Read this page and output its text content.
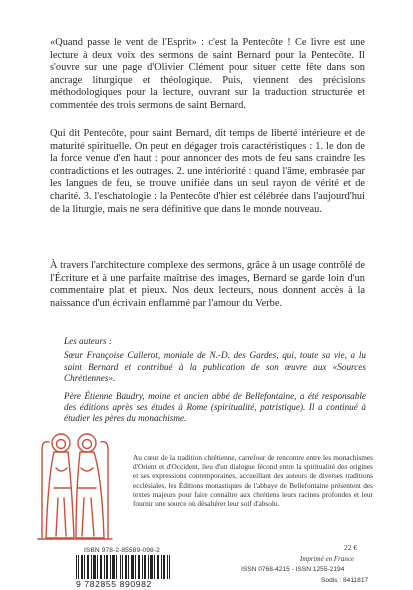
«Quand passe le vent de l'Esprit» : c'est la Pentecôte ! Ce livre est une lecture à deux voix des sermons de saint Bernard pour la Pentecôte. Il s'ouvre sur une page d'Olivier Clément pour situer cette fête dans son ancrage liturgique et théologique. Puis, viennent des précisions méthodologiques pour la lecture, ouvrant sur la traduction structurée et commentée des trois sermons de saint Bernard.

Qui dit Pentecôte, pour saint Bernard, dit temps de liberté intérieure et de maturité spirituelle. On peut en dégager trois caractéristiques : 1. le don de la force venue d'en haut : pour annoncer des mots de feu sans craindre les contradictions et les outrages. 2. une intériorité : quand l'âme, embrasée par les langues de feu, se trouve unifiée dans un seul rayon de vérité et de charité. 3. l'eschatologie : la Pentecôte d'hier est célébrée dans l'aujourd'hui de la liturgie, mais ne sera définitive que dans le monde nouveau.

À travers l'architecture complexe des sermons, grâce à un usage contrôlé de l'Écriture et à une parfaite maîtrise des images, Bernard se garde loin d'un commentaire plat et pieux. Nos deux lecteurs, nous donnent accès à la naissance d'un écrivain enflammé par l'amour du Verbe.

Les auteurs :

Sœur Françoise Callerot, moniale de N.-D. des Gardes, qui, toute sa vie, a lu saint Bernard et contribué à la publication de son œuvre aux «Sources Chrétiennes».

Père Étienne Baudry, moine et ancien abbé de Bellefontaine, a été responsable des éditions après ses études à Rome (spiritualité, patristique). Il a continué à étudier les pères du monachisme.

Au cœur de la tradition chrétienne, carrefour de rencontre entre les monachismes d'Orient et d'Occident, lieu d'un dialogue fécond entre la spiritualité des origines et ses expressions contemporaines, accueillant des auteurs de diverses traditions ecclésiales, les Éditions monastiques de l'abbaye de Bellefontaine présentent des textes majeurs pour faire connaître aux chrétiens leurs racines profondes et leur fournir une source où désaltérer leur soif d'absolu.

22 €
ISBN 978-2-85589-098-2
9 782855 890982
Imprimé en France
ISSN 0768-4215 - ISSN 1255-2194
Sodis : 8411817
